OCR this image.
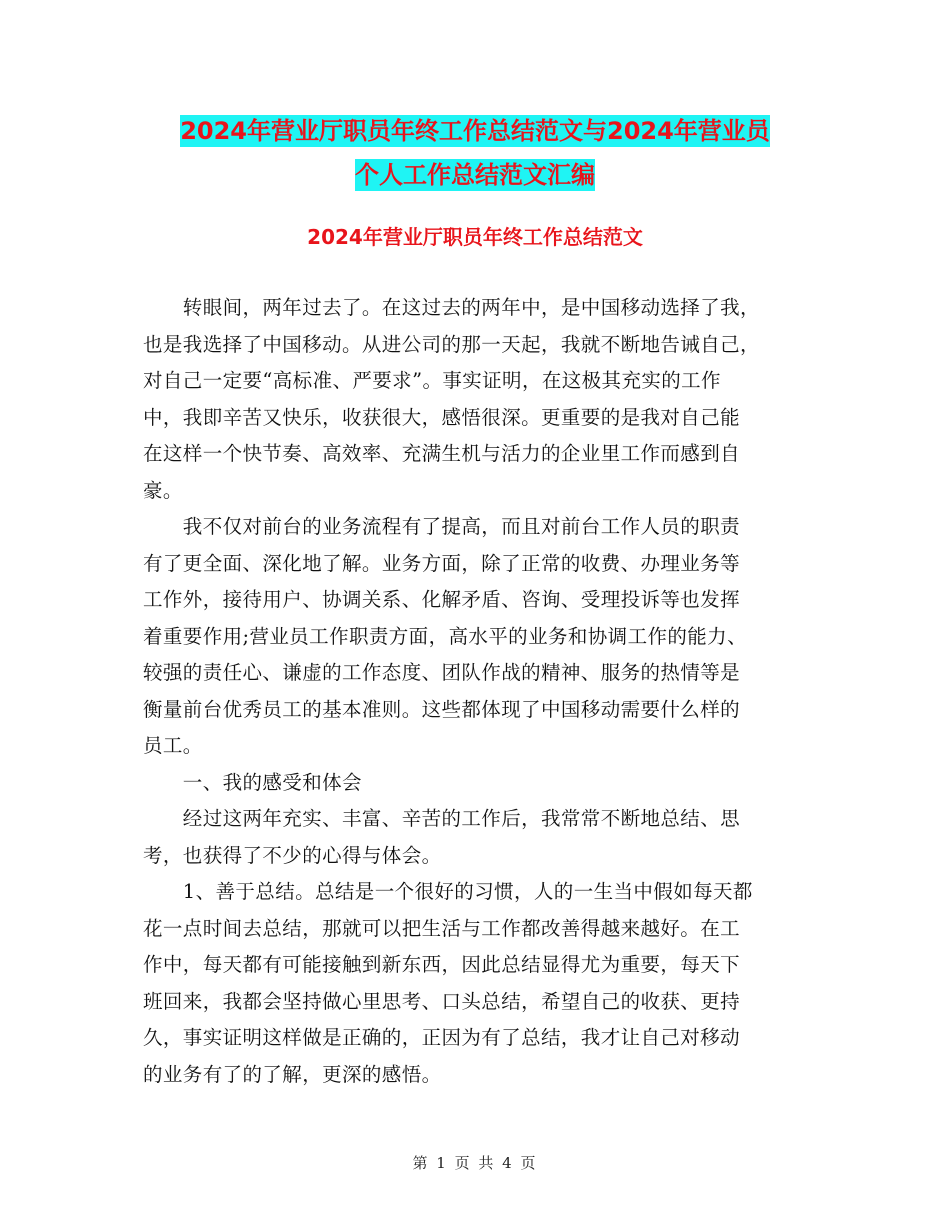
2024年营业厅职员年终工作总结范文与2024年营业员
个人工作总结范文汇编
2024年营业厅职员年终工作总结范文
　　转眼间，两年过去了。在这过去的两年中，是中国移动选择了我，
也是我选择了中国移动。从进公司的那一天起，我就不断地告诫自己，
对自己一定要“高标准、严要求”。事实证明，在这极其充实的工作
中，我即辛苦又快乐，收获很大，感悟很深。更重要的是我对自己能
在这样一个快节奏、高效率、充满生机与活力的企业里工作而感到自
豪。
　　我不仅对前台的业务流程有了提高，而且对前台工作人员的职责
有了更全面、深化地了解。业务方面，除了正常的收费、办理业务等
工作外，接待用户、协调关系、化解矛盾、咨询、受理投诉等也发挥
着重要作用;营业员工作职责方面，高水平的业务和协调工作的能力、
较强的责任心、谦虚的工作态度、团队作战的精神、服务的热情等是
衡量前台优秀员工的基本准则。这些都体现了中国移动需要什么样的
员工。
　　一、我的感受和体会
　　经过这两年充实、丰富、辛苦的工作后，我常常不断地总结、思
考，也获得了不少的心得与体会。
　　1、善于总结。总结是一个很好的习惯，人的一生当中假如每天都
花一点时间去总结，那就可以把生活与工作都改善得越来越好。在工
作中，每天都有可能接触到新东西，因此总结显得尤为重要，每天下
班回来，我都会坚持做心里思考、口头总结，希望自己的收获、更持
久，事实证明这样做是正确的，正因为有了总结，我才让自己对移动
的业务有了的了解，更深的感悟。
第 1 页 共 4 页
